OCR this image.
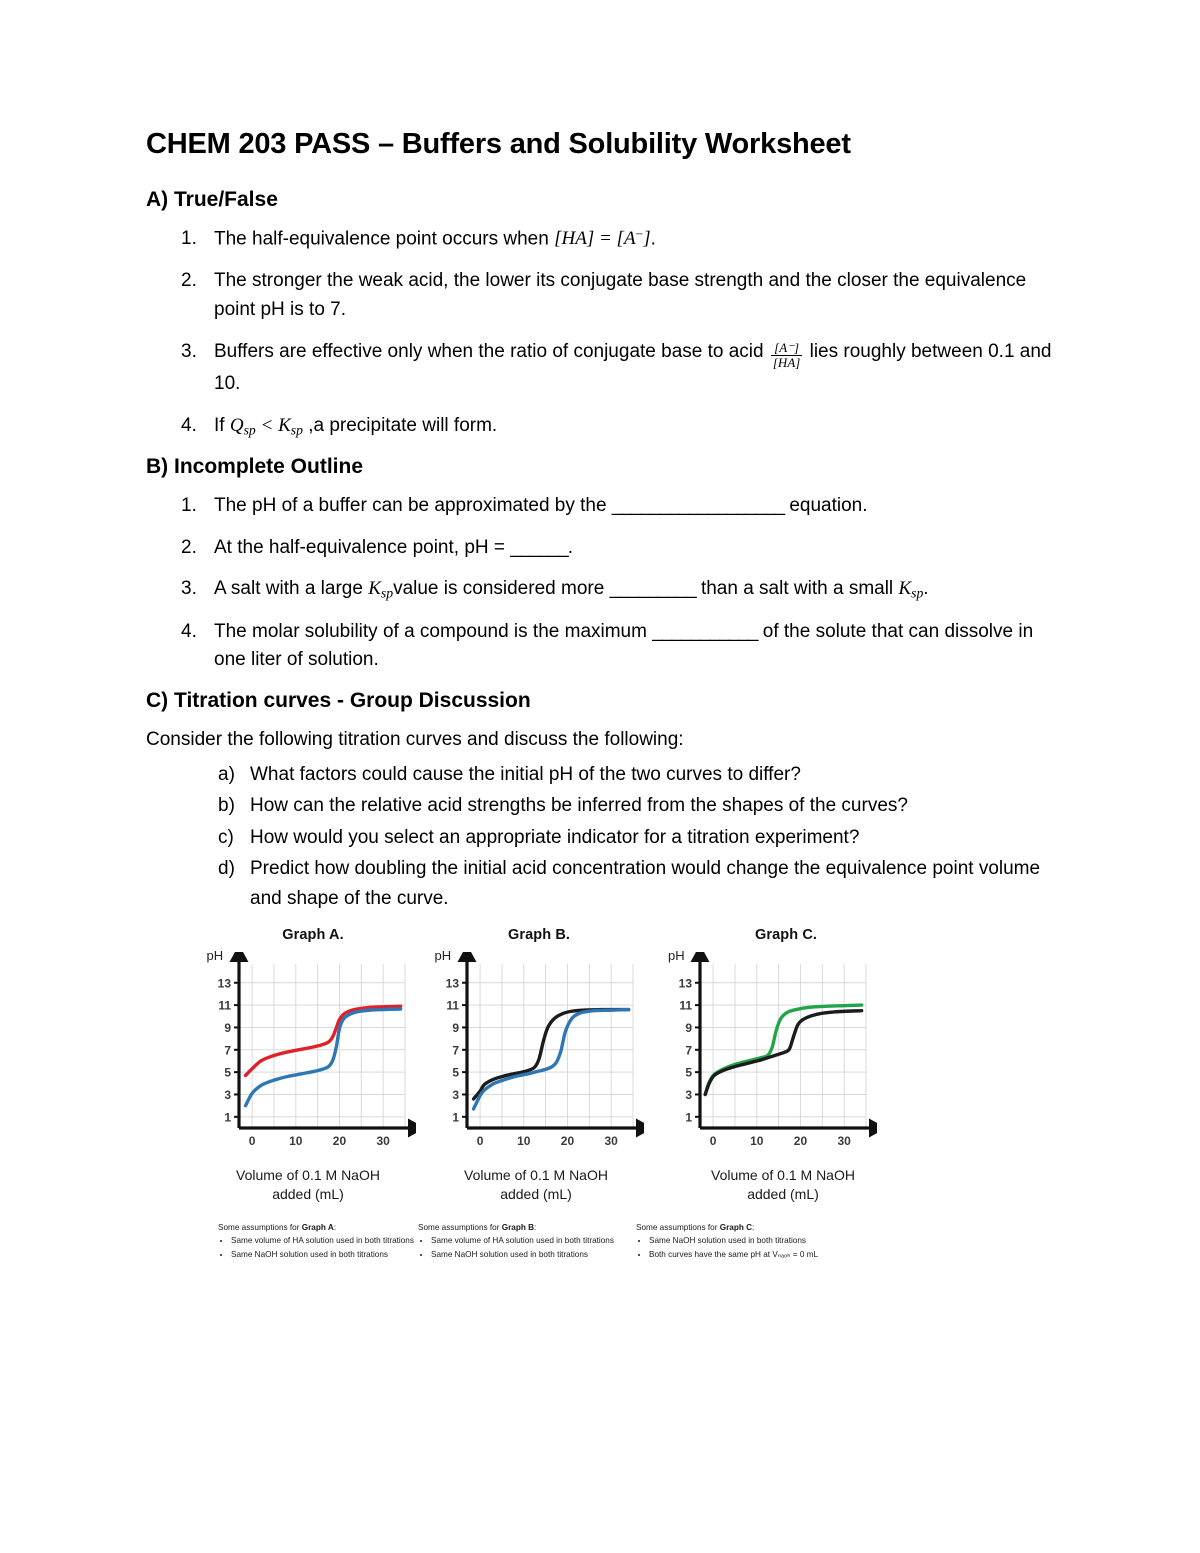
CHEM 203 PASS – Buffers and Solubility Worksheet
A) True/False
The half-equivalence point occurs when [HA] = [A−].
The stronger the weak acid, the lower its conjugate base strength and the closer the equivalence point pH is to 7.
Buffers are effective only when the ratio of conjugate base to acid $\frac{[A^-]}{[HA]}$ lies roughly between 0.1 and 10.
If $Q_{sp} < K_{sp}$ ,a precipitate will form.
B) Incomplete Outline
The pH of a buffer can be approximated by the __________________ equation.
At the half-equivalence point, pH = ______.
A salt with a large $K_{sp}value$ is considered more _________ than a salt with a small $K_{sp}$.
The molar solubility of a compound is the maximum ___________ of the solute that can dissolve in one liter of solution.
C) Titration curves - Group Discussion

Consider the following titration curves and discuss the following:

What factors could cause the initial pH of the two curves to differ?
How can the relative acid strengths be inferred from the shapes of the curves?
How would you select an appropriate indicator for a titration experiment?
Predict how doubling the initial acid concentration would change the equivalence point volume and shape of the curve.
Graph A.
pH
1
3
5
7
9
11
13
0	10	20	30
Volume of 0.1 M NaOH
added (mL)
Graph B.
pH
1
3
5
7
9
11
13
0	10	20	30
Volume of 0.1 M NaOH
added (mL)
Graph C.
pH
1
3
5
7
9
11
13
0	10	20	30
Volume of 0.1 M NaOH
added (mL)
Some assumptions for Graph A:
• Same volume of HA solution used in both titrations
• Same NaOH solution used in both titrations
Some assumptions for Graph B:
• Same volume of HA solution used in both titrations
• Same NaOH solution used in both titrations
Some assumptions for Graph C:
• Same NaOH solution used in both titrations
• Both curves have the same pH at Vₙₐₒₕ = 0 mL
